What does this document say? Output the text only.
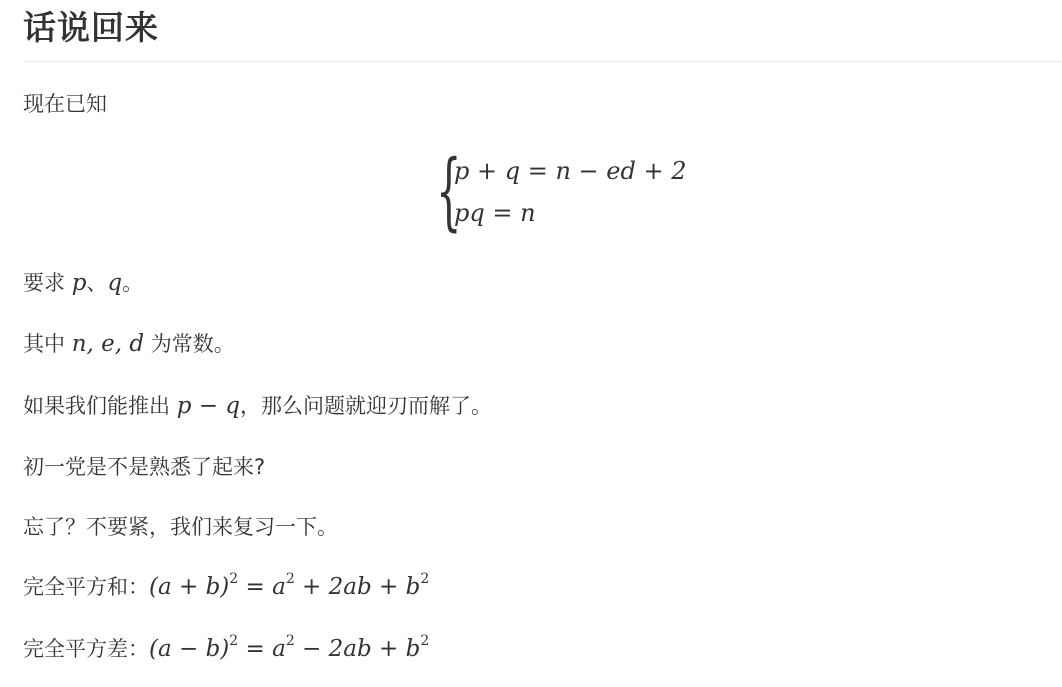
话说回来

现在已知

{
p + q = n − ed + 2
pq = n

要求 p、q。

其中 n, e, d 为常数。

如果我们能推出 p − q，那么问题就迎刃而解了。

初一党是不是熟悉了起来?

忘了？不要紧，我们来复习一下。

完全平方和：$(a + b)^2 = a^2 + 2ab + b^2$

完全平方差：$(a - b)^2 = a^2 - 2ab + b^2$
